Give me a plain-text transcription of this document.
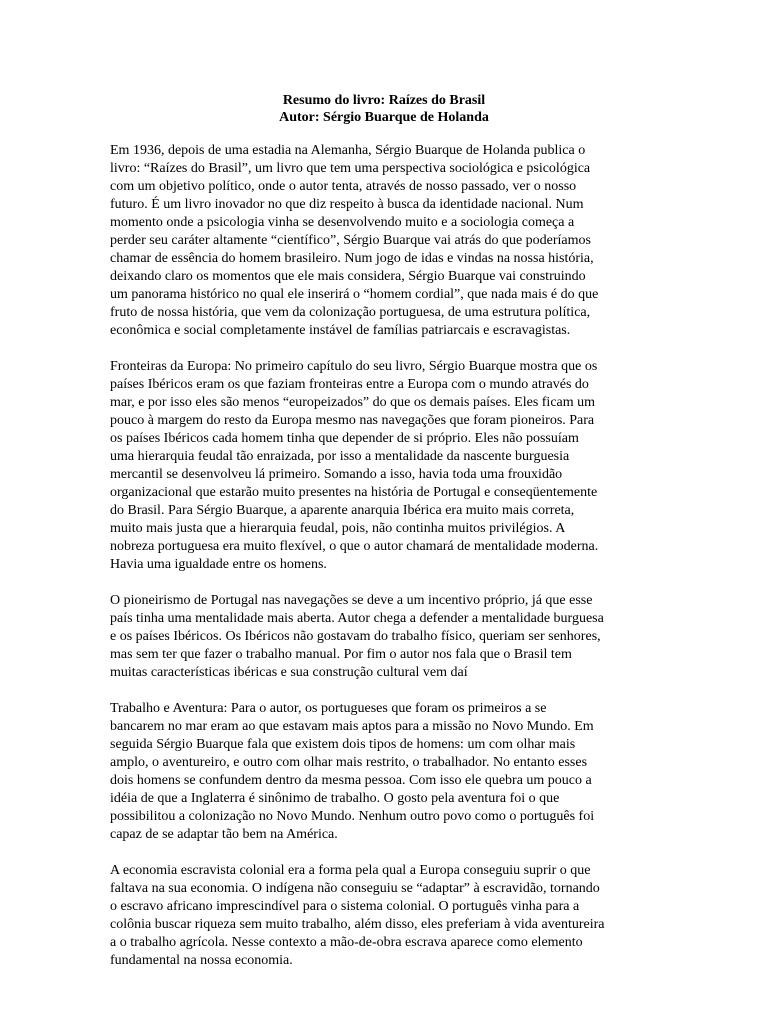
Resumo do livro: Raízes do Brasil

Autor: Sérgio Buarque de Holanda

Em 1936, depois de uma estadia na Alemanha, Sérgio Buarque de Holanda publica o

livro: “Raízes do Brasil”, um livro que tem uma perspectiva sociológica e psicológica

com um objetivo político, onde o autor tenta, através de nosso passado, ver o nosso

futuro. É um livro inovador no que diz respeito à busca da identidade nacional. Num

momento onde a psicologia vinha se desenvolvendo muito e a sociologia começa a

perder seu caráter altamente “científico”, Sérgio Buarque vai atrás do que poderíamos

chamar de essência do homem brasileiro. Num jogo de idas e vindas na nossa história,

deixando claro os momentos que ele mais considera, Sérgio Buarque vai construindo

um panorama histórico no qual ele inserirá o “homem cordial”, que nada mais é do que

fruto de nossa história, que vem da colonização portuguesa, de uma estrutura política,

econômica e social completamente instável de famílias patriarcais e escravagistas.

Fronteiras da Europa: No primeiro capítulo do seu livro, Sérgio Buarque mostra que os

países Ibéricos eram os que faziam fronteiras entre a Europa com o mundo através do

mar, e por isso eles são menos “europeizados” do que os demais países. Eles ficam um

pouco à margem do resto da Europa mesmo nas navegações que foram pioneiros. Para

os países Ibéricos cada homem tinha que depender de si próprio. Eles não possuíam

uma hierarquia feudal tão enraizada, por isso a mentalidade da nascente burguesia

mercantil se desenvolveu lá primeiro. Somando a isso, havia toda uma frouxidão

organizacional que estarão muito presentes na história de Portugal e conseqüentemente

do Brasil. Para Sérgio Buarque, a aparente anarquia Ibérica era muito mais correta,

muito mais justa que a hierarquia feudal, pois, não continha muitos privilégios. A

nobreza portuguesa era muito flexível, o que o autor chamará de mentalidade moderna.

Havia uma igualdade entre os homens.

O pioneirismo de Portugal nas navegações se deve a um incentivo próprio, já que esse

país tinha uma mentalidade mais aberta. Autor chega a defender a mentalidade burguesa

e os países Ibéricos. Os Ibéricos não gostavam do trabalho físico, queriam ser senhores,

mas sem ter que fazer o trabalho manual. Por fim o autor nos fala que o Brasil tem

muitas características ibéricas e sua construção cultural vem daí

Trabalho e Aventura: Para o autor, os portugueses que foram os primeiros a se

bancarem no mar eram ao que estavam mais aptos para a missão no Novo Mundo. Em

seguida Sérgio Buarque fala que existem dois tipos de homens: um com olhar mais

amplo, o aventureiro, e outro com olhar mais restrito, o trabalhador. No entanto esses

dois homens se confundem dentro da mesma pessoa. Com isso ele quebra um pouco a

idéia de que a Inglaterra é sinônimo de trabalho. O gosto pela aventura foi o que

possibilitou a colonização no Novo Mundo. Nenhum outro povo como o português foi

capaz de se adaptar tão bem na América.

A economia escravista colonial era a forma pela qual a Europa conseguiu suprir o que

faltava na sua economia. O indígena não conseguiu se “adaptar” à escravidão, tornando

o escravo africano imprescindível para o sistema colonial. O português vinha para a

colônia buscar riqueza sem muito trabalho, além disso, eles preferiam à vida aventureira

a o trabalho agrícola. Nesse contexto a mão-de-obra escrava aparece como elemento

fundamental na nossa economia.
